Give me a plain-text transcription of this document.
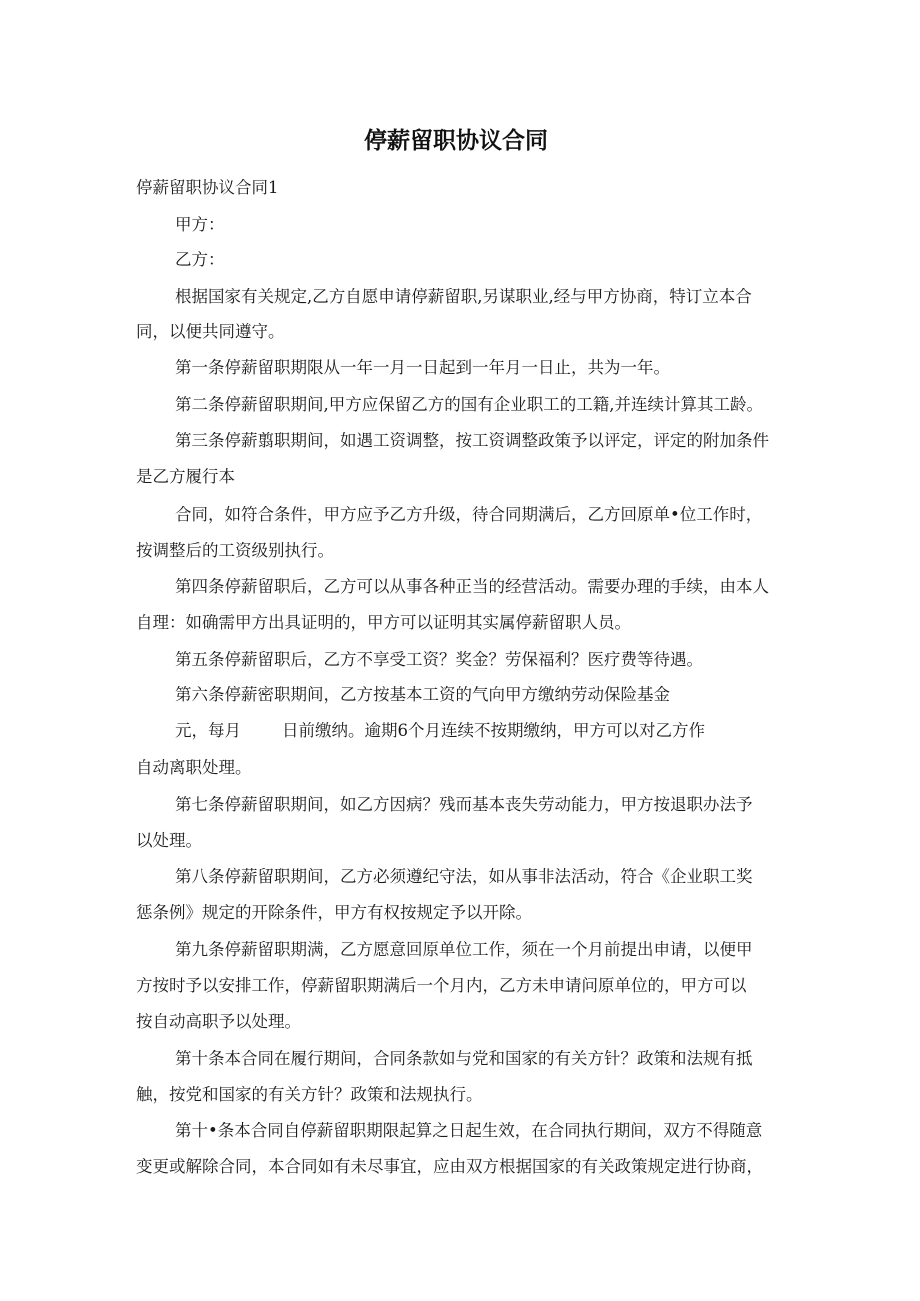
停薪留职协议合同

停薪留职协议合同1

甲方：

乙方：

根据国家有关规定,乙方自愿申请停薪留职,另谋职业,经与甲方协商，特订立本合

同，以便共同遵守。

第一条停薪留职期限从一年一月一日起到一年月一日止，共为一年。

第二条停薪留职期间,甲方应保留乙方的国有企业职工的工籍,并连续计算其工龄。

第三条停薪翦职期间，如遇工资调整，按工资调整政策予以评定，评定的附加条件

是乙方履行本

合同，如符合条件，甲方应予乙方升级，待合同期满后，乙方回原单•位工作时，

按调整后的工资级别执行。

第四条停薪留职后，乙方可以从事各种正当的经营活动。需要办理的手续，由本人

自理：如确需甲方出具证明的，甲方可以证明其实属停薪留职人员。

第五条停薪留职后，乙方不享受工资？奖金？劳保福利？医疗费等待遇。

第六条停薪密职期间，乙方按基本工资的气向甲方缴纳劳动保险基金

元，每月 日前缴纳。逾期6个月连续不按期缴纳，甲方可以对乙方作

自动离职处理。

第七条停薪留职期间，如乙方因病？残而基本丧失劳动能力，甲方按退职办法予

以处理。

第八条停薪留职期间，乙方必须遵纪守法，如从事非法活动，符合《企业职工奖

惩条例》规定的开除条件，甲方有权按规定予以开除。

第九条停薪留职期满，乙方愿意回原单位工作，须在一个月前提出申请，以便甲

方按时予以安排工作，停薪留职期满后一个月内，乙方未申请问原单位的，甲方可以

按自动高职予以处理。

第十条本合同在履行期间，合同条款如与党和国家的有关方针？政策和法规有抵

触，按党和国家的有关方针？政策和法规执行。

第十•条本合同自停薪留职期限起算之日起生效，在合同执行期间，双方不得随意

变更或解除合同，本合同如有未尽事宜，应由双方根据国家的有关政策规定进行协商，
